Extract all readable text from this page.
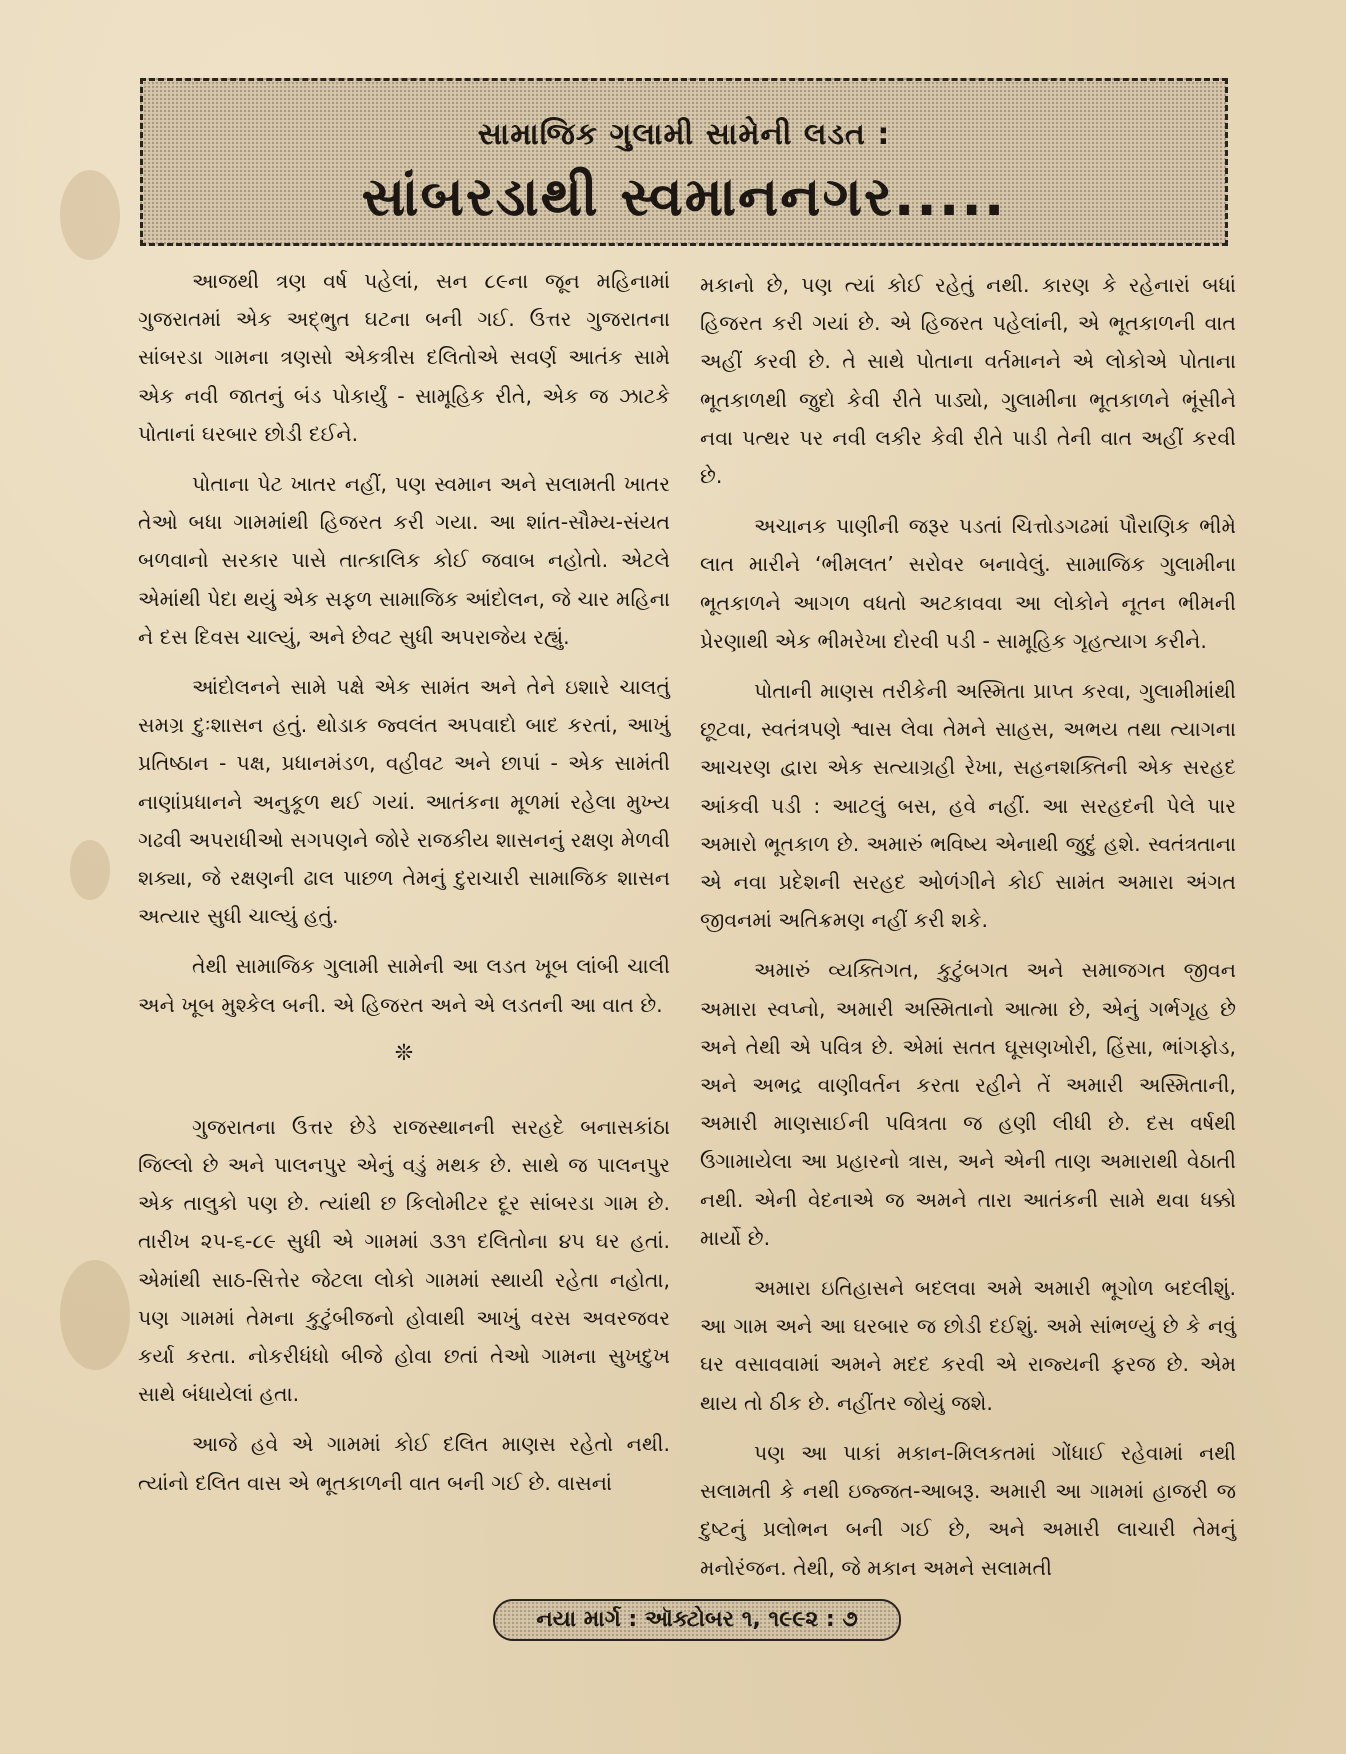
સામાજિક ગુલામી સામેની લડત :
સાંબરડાથી સ્વમાનનગર.....

આજથી ત્રણ વર્ષ પહેલાં, સન ૮૯ના જૂન મહિનામાં ગુજરાતમાં એક અદ્ભુત ઘટના બની ગઈ. ઉત્તર ગુજરાતના સાંબરડા ગામના ત્રણસો એકત્રીસ દલિતોએ સવર્ણ આતંક સામે એક નવી જાતનું બંડ પોકાર્યું - સામૂહિક રીતે, એક જ ઝાટકે પોતાનાં ઘરબાર છોડી દઈને.

પોતાના પેટ ખાતર નહીં, પણ સ્વમાન અને સલામતી ખાતર તેઓ બધા ગામમાંથી હિજરત કરી ગયા. આ શાંત-સૌમ્ય-સંયત બળવાનો સરકાર પાસે તાત્કાલિક કોઈ જવાબ નહોતો. એટલે એમાંથી પેદા થયું એક સફળ સામાજિક આંદોલન, જે ચાર મહિના ને દસ દિવસ ચાલ્યું, અને છેવટ સુધી અપરાજેય રહ્યું.

આંદોલનને સામે પક્ષે એક સામંત અને તેને ઇશારે ચાલતું સમગ્ર દુઃશાસન હતું. થોડાક જ્વલંત અપવાદો બાદ કરતાં, આખું પ્રતિષ્ઠાન - પક્ષ, પ્રધાનમંડળ, વહીવટ અને છાપાં - એક સામંતી નાણાંપ્રધાનને અનુકૂળ થઈ ગયાં. આતંકના મૂળમાં રહેલા મુખ્ય ગઢવી અપરાધીઓ સગપણને જોરે રાજકીય શાસનનું રક્ષણ મેળવી શક્યા, જે રક્ષણની ઢાલ પાછળ તેમનું દુરાચારી સામાજિક શાસન અત્યાર સુધી ચાલ્યું હતું.

તેથી સામાજિક ગુલામી સામેની આ લડત ખૂબ લાંબી ચાલી અને ખૂબ મુશ્કેલ બની. એ હિજરત અને એ લડતની આ વાત છે.

❊

ગુજરાતના ઉત્તર છેડે રાજસ્થાનની સરહદે બનાસકાંઠા જિલ્લો છે અને પાલનપુર એનું વડું મથક છે. સાથે જ પાલનપુર એક તાલુકો પણ છે. ત્યાંથી છ કિલોમીટર દૂર સાંબરડા ગામ છે. તારીખ ૨૫-૬-૮૯ સુધી એ ગામમાં ૩૩૧ દલિતોના ૪૫ ઘર હતાં. એમાંથી સાઠ-સિત્તેર જેટલા લોકો ગામમાં સ્થાયી રહેતા નહોતા, પણ ગામમાં તેમના કુટુંબીજનો હોવાથી આખું વરસ અવરજવર કર્યા કરતા. નોકરીધંધો બીજે હોવા છતાં તેઓ ગામના સુખદુખ સાથે બંધાયેલાં હતા.

આજે હવે એ ગામમાં કોઈ દલિત માણસ રહેતો નથી. ત્યાંનો દલિત વાસ એ ભૂતકાળની વાત બની ગઈ છે. વાસનાં

મકાનો છે, પણ ત્યાં કોઈ રહેતું નથી. કારણ કે રહેનારાં બધાં હિજરત કરી ગયાં છે. એ હિજરત પહેલાંની, એ ભૂતકાળની વાત અહીં કરવી છે. તે સાથે પોતાના વર્તમાનને એ લોકોએ પોતાના ભૂતકાળથી જુદો કેવી રીતે પાડ્યો, ગુલામીના ભૂતકાળને ભૂંસીને નવા પત્થર પર નવી લકીર કેવી રીતે પાડી તેની વાત અહીં કરવી છે.

અચાનક પાણીની જરૂર પડતાં ચિત્તોડગઢમાં પૌરાણિક ભીમે લાત મારીને ‘ભીમલત’ સરોવર બનાવેલું. સામાજિક ગુલામીના ભૂતકાળને આગળ વધતો અટકાવવા આ લોકોને નૂતન ભીમની પ્રેરણાથી એક ભીમરેખા દોરવી પડી - સામૂહિક ગૃહત્યાગ કરીને.

પોતાની માણસ તરીકેની અસ્મિતા પ્રાપ્ત કરવા, ગુલામીમાંથી છૂટવા, સ્વતંત્રપણે શ્વાસ લેવા તેમને સાહસ, અભય તથા ત્યાગના આચરણ દ્વારા એક સત્યાગ્રહી રેખા, સહનશક્તિની એક સરહદ આંકવી પડી : આટલું બસ, હવે નહીં. આ સરહદની પેલે પાર અમારો ભૂતકાળ છે. અમારું ભવિષ્ય એનાથી જુદું હશે. સ્વતંત્રતાના એ નવા પ્રદેશની સરહદ ઓળંગીને કોઈ સામંત અમારા અંગત જીવનમાં અતિક્રમણ નહીં કરી શકે.

અમારું વ્યક્તિગત, કુટુંબગત અને સમાજગત જીવન અમારા સ્વપ્નો, અમારી અસ્મિતાનો આત્મા છે, એનું ગર્ભગૃહ છે અને તેથી એ પવિત્ર છે. એમાં સતત ઘૂસણખોરી, હિંસા, ભાંગફોડ, અને અભદ્ર વાણીવર્તન કરતા રહીને તેં અમારી અસ્મિતાની, અમારી માણસાઈની પવિત્રતા જ હણી લીધી છે. દસ વર્ષથી ઉગામાયેલા આ પ્રહારનો ત્રાસ, અને એની તાણ અમારાથી વેઠાતી નથી. એની વેદનાએ જ અમને તારા આતંકની સામે થવા ધક્કો માર્યો છે.

અમારા ઇતિહાસને બદલવા અમે અમારી ભૂગોળ બદલીશું. આ ગામ અને આ ઘરબાર જ છોડી દઈશું. અમે સાંભળ્યું છે કે નવું ઘર વસાવવામાં અમને મદદ કરવી એ રાજ્યની ફરજ છે. એમ થાય તો ઠીક છે. નહીંતર જોયું જશે.

પણ આ પાકાં મકાન-મિલકતમાં ગોંધાઈ રહેવામાં નથી સલામતી કે નથી ઇજ્જત-આબરૂ. અમારી આ ગામમાં હાજરી જ દુષ્ટનું પ્રલોભન બની ગઈ છે, અને અમારી લાચારી તેમનું મનોરંજન. તેથી, જે મકાન અમને સલામતી

નયા માર્ગ : ઑક્ટોબર ૧, ૧૯૯૨ : ૭
